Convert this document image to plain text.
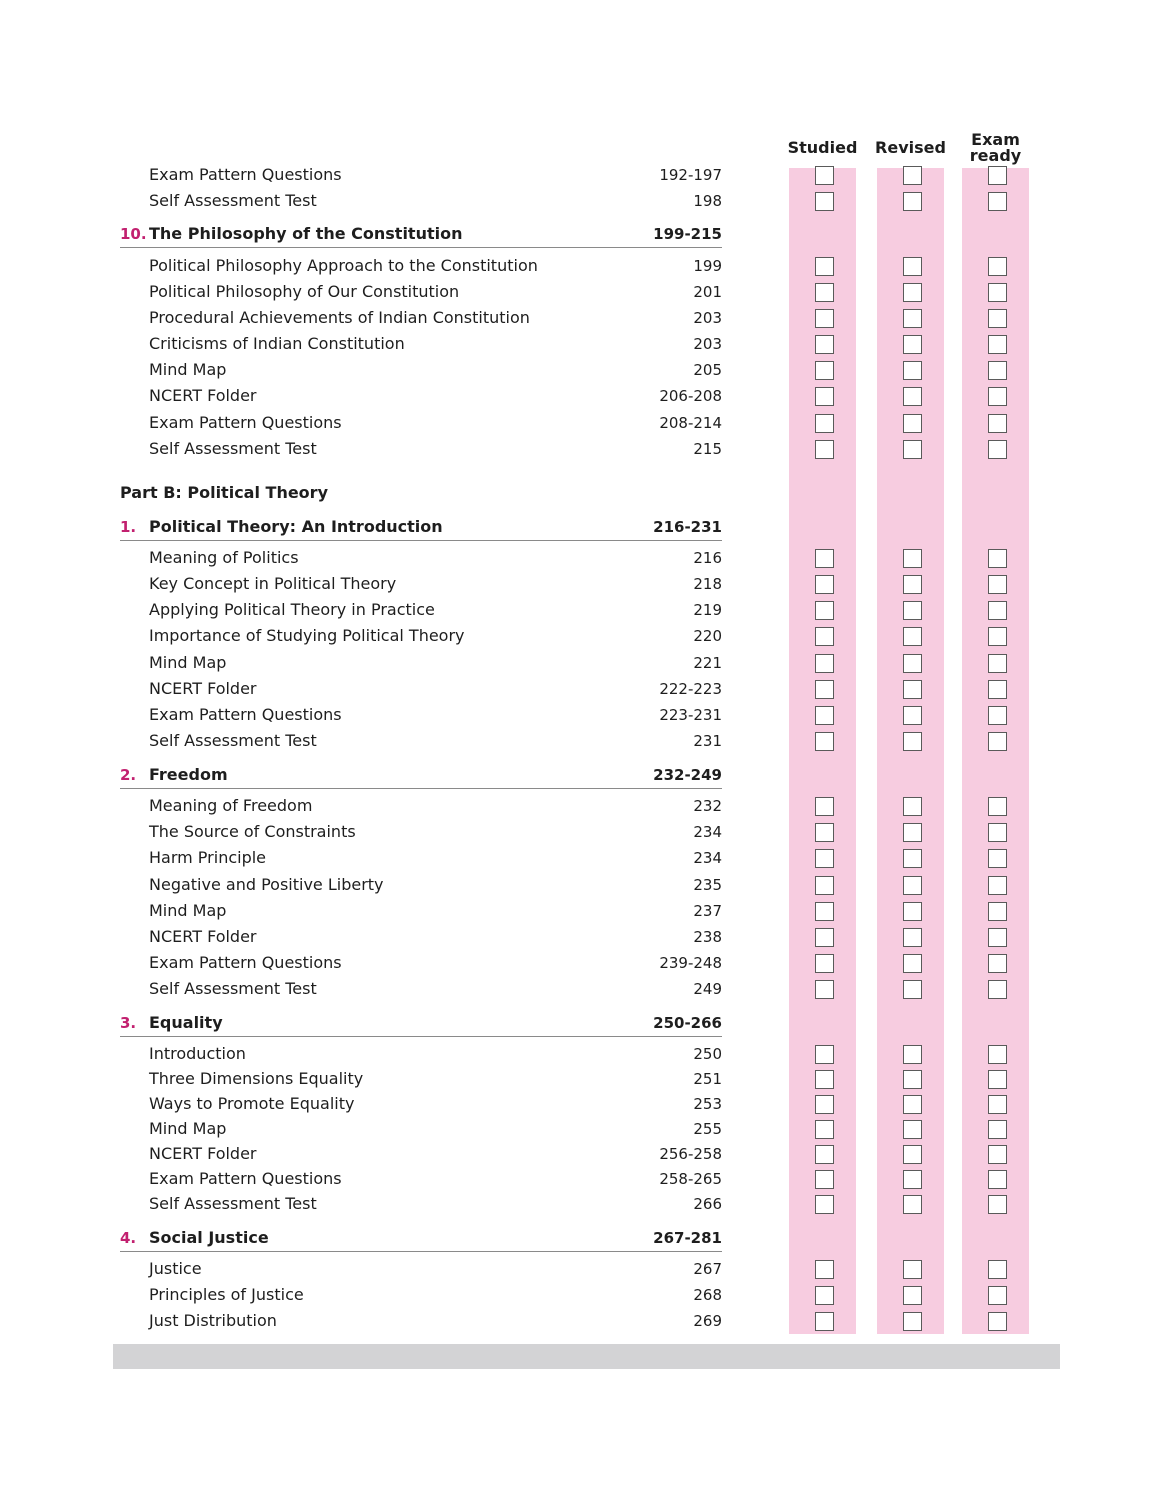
Studied	Revised	Exam
ready
Exam Pattern Questions	192-197
Self Assessment Test	198
10. The Philosophy of the Constitution	199-215
Political Philosophy Approach to the Constitution	199
Political Philosophy of Our Constitution	201
Procedural Achievements of Indian Constitution	203
Criticisms of Indian Constitution	203
Mind Map	205
NCERT Folder	206-208
Exam Pattern Questions	208-214
Self Assessment Test	215
Part B: Political Theory
1. Political Theory: An Introduction	216-231
Meaning of Politics	216
Key Concept in Political Theory	218
Applying Political Theory in Practice	219
Importance of Studying Political Theory	220
Mind Map	221
NCERT Folder	222-223
Exam Pattern Questions	223-231
Self Assessment Test	231
2. Freedom	232-249
Meaning of Freedom	232
The Source of Constraints	234
Harm Principle	234
Negative and Positive Liberty	235
Mind Map	237
NCERT Folder	238
Exam Pattern Questions	239-248
Self Assessment Test	249
3. Equality	250-266
Introduction	250
Three Dimensions Equality	251
Ways to Promote Equality	253
Mind Map	255
NCERT Folder	256-258
Exam Pattern Questions	258-265
Self Assessment Test	266
4. Social Justice	267-281
Justice	267
Principles of Justice	268
Just Distribution	269
